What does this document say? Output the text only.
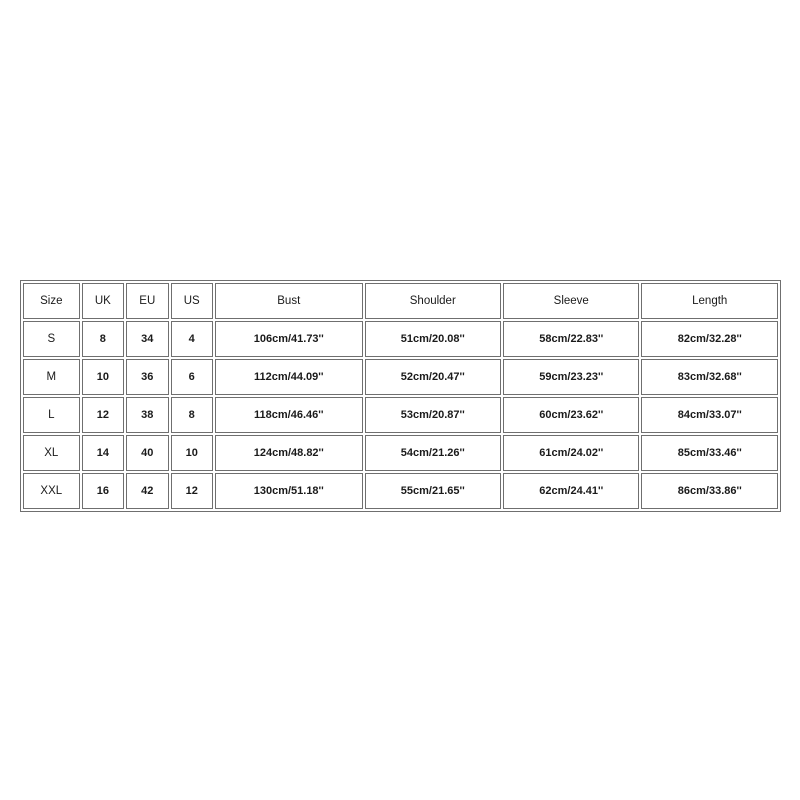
Size	UK	EU	US	Bust	Shoulder	Sleeve	Length
S	8	34	4	106cm/41.73''	51cm/20.08''	58cm/22.83''	82cm/32.28''
M	10	36	6	112cm/44.09''	52cm/20.47''	59cm/23.23''	83cm/32.68''
L	12	38	8	118cm/46.46''	53cm/20.87''	60cm/23.62''	84cm/33.07''
XL	14	40	10	124cm/48.82''	54cm/21.26''	61cm/24.02''	85cm/33.46''
XXL	16	42	12	130cm/51.18''	55cm/21.65''	62cm/24.41''	86cm/33.86''
